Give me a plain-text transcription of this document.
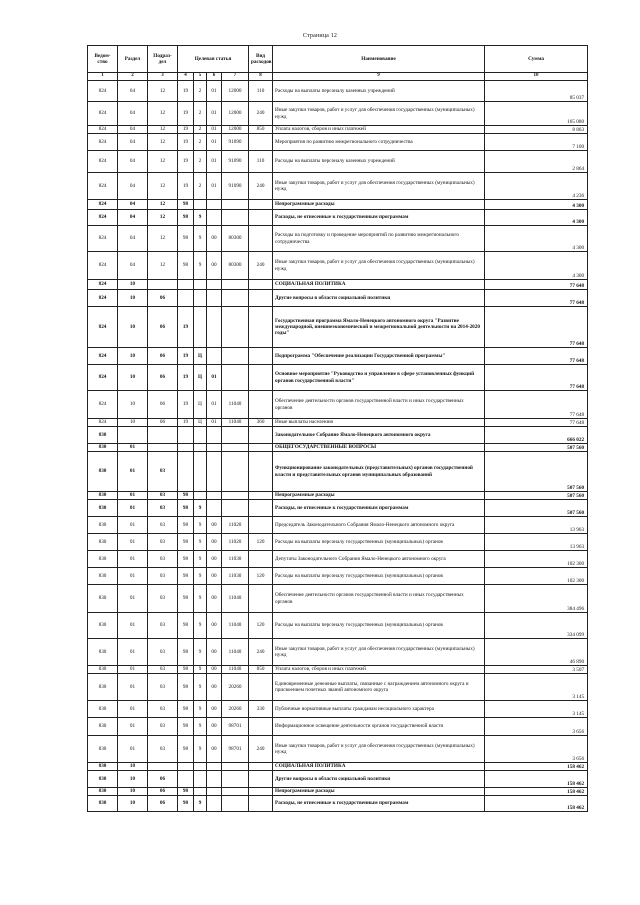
Страница 12
Ведом-
ство	Раздел	Подраз-
дел	Целевая статья				Вид
расходов	Наименование	Сумма
1	2	3	4	5	6	7	8	9	10
824	04	12	19	2	01	12000	110	Расходы на выплаты персоналу казенных учреждений	85 037
824	04	12	19	2	01	12000	240	Иные закупки товаров, работ и услуг для обеспечения государственных (муниципальных) нужд	165 080
824	04	12	19	2	01	12000	850	Уплата налогов, сборов и иных платежей	8 863
824	04	12	19	2	01	91090		Мероприятия по развитию межрегионального сотрудничества	7 100
824	04	12	19	2	01	91090	110	Расходы на выплаты персоналу казенных учреждений	2 864
824	04	12	19	2	01	91090	240	Иные закупки товаров, работ и услуг для обеспечения государственных (муниципальных) нужд	4 236
824	04	12	98					Непрограммные расходы	4 300
824	04	12	98	9				Расходы, не отнесенные к государственным программам	4 300
824	04	12	98	9	00	80300		Расходы на подготовку и проведение мероприятий по развитию межрегионального сотрудничества	4 300
824	04	12	98	9	00	80300	240	Иные закупки товаров, работ и услуг для обеспечения государственных (муниципальных) нужд	4 300
824	10							СОЦИАЛЬНАЯ ПОЛИТИКА	77 648
824	10	06						Другие вопросы в области социальной политики	77 648
824	10	06	19					Государственная программа Ямало-Ненецкого автономного округа "Развитие международной, внешнеэкономической и межрегиональной деятельности на 2014-2020 годы"	77 648
824	10	06	19	Ц				Подпрограмма "Обеспечение реализации Государственной программы"	77 648
824	10	06	19	Ц	01			Основное мероприятие "Руководство и управление в сфере установленных функций органов государственной власти"	77 648
824	10	06	19	Ц	01	11040		Обеспечение деятельности органов государственной власти и иных государственных органов	77 648
824	10	06	19	Ц	01	11040	360	Иные выплаты населению	77 648
830								Законодательное Собрание Ямало-Ненецкого автономного округа	666 022
830	01							ОБЩЕГОСУДАРСТВЕННЫЕ ВОПРОСЫ	507 560
830	01	03						Функционирование законодательных (представительных) органов государственной власти и представительных органов муниципальных образований	507 560
830	01	03	98					Непрограммные расходы	507 560
830	01	03	98	9				Расходы, не отнесенные к государственным программам	507 560
830	01	03	98	9	00	11020		Председатель Законодательного Собрания Ямало-Ненецкого автономного округа	13 963
830	01	03	98	9	00	11020	120	Расходы на выплаты персоналу государственных (муниципальных) органов	13 963
830	01	03	98	9	00	11030		Депутаты Законодательного Собрания Ямало-Ненецкого автономного округа	102 300
830	01	03	98	9	00	11030	120	Расходы на выплаты персоналу государственных (муниципальных) органов	102 300
830	01	03	98	9	00	11040		Обеспечение деятельности органов государственной власти и иных государственных органов	384 496
830	01	03	98	9	00	11040	120	Расходы на выплаты персоналу государственных (муниципальных) органов	334 099
830	01	03	98	9	00	11040	240	Иные закупки товаров, работ и услуг для обеспечения государственных (муниципальных) нужд	46 890
830	01	03	98	9	00	11040	850	Уплата налогов, сборов и иных платежей	3 507
830	01	03	98	9	00	20260		Единовременные денежные выплаты, связанные с награждением автономного округа и присвоением почетных званий автономного округа	3 145
830	01	03	98	9	00	20260	330	Публичные нормативные выплаты гражданам несоциального характера	3 145
830	01	03	98	9	00	98701		Информационное освещение деятельности органов государственной власти	3 656
830	01	03	98	9	00	98701	240	Иные закупки товаров, работ и услуг для обеспечения государственных (муниципальных) нужд	3 656
830	10							СОЦИАЛЬНАЯ ПОЛИТИКА	158 462
830	10	06						Другие вопросы в области социальной политики	158 462
830	10	06	98					Непрограммные расходы	158 462
830	10	06	98	9				Расходы, не отнесенные к государственным программам	158 462
